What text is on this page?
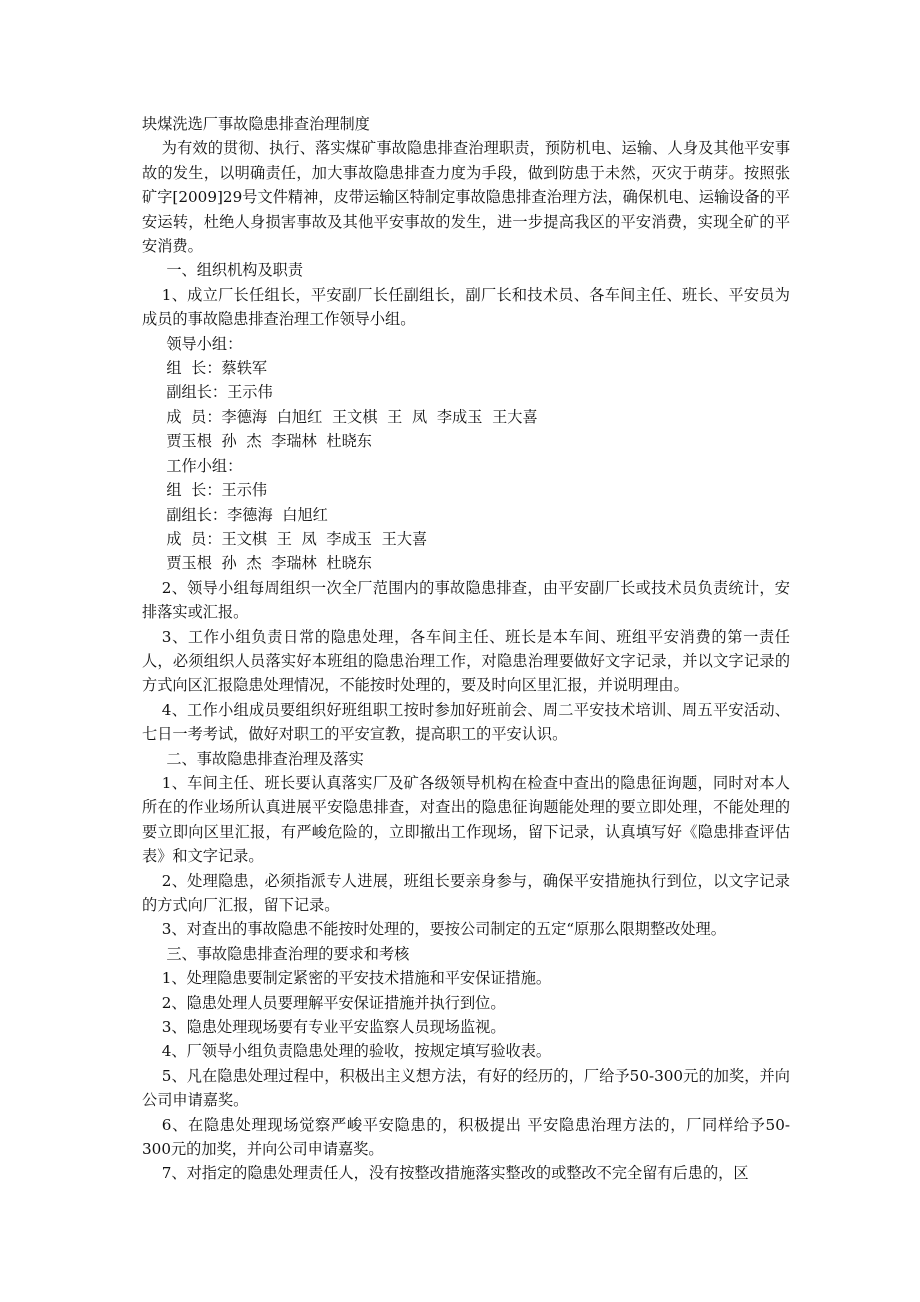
块煤洗选厂事故隐患排查治理制度

为有效的贯彻、执行、落实煤矿事故隐患排查治理职责，预防机电、运输、人身及其他平安事故的发生，以明确责任，加大事故隐患排查力度为手段，做到防患于未然，灭灾于萌芽。按照张矿字[2009]29号文件精神，皮带运输区特制定事故隐患排查治理方法，确保机电、运输设备的平安运转，杜绝人身损害事故及其他平安事故的发生，进一步提高我区的平安消费，实现全矿的平安消费。

一、组织机构及职责

1、成立厂长任组长，平安副厂长任副组长，副厂长和技术员、各车间主任、班长、平安员为成员的事故隐患排查治理工作领导小组。

领导小组：

组  长：蔡轶军

副组长：王示伟

成  员：李德海  白旭红  王文棋  王  凤  李成玉  王大喜

贾玉根  孙  杰  李瑞林  杜晓东

工作小组：

组  长：王示伟

副组长：李德海  白旭红

成  员：王文棋  王  凤  李成玉  王大喜

贾玉根  孙  杰  李瑞林  杜晓东

2、领导小组每周组织一次全厂范围内的事故隐患排查，由平安副厂长或技术员负责统计，安排落实或汇报。

3、工作小组负责日常的隐患处理，各车间主任、班长是本车间、班组平安消费的第一责任人，必须组织人员落实好本班组的隐患治理工作，对隐患治理要做好文字记录，并以文字记录的方式向区汇报隐患处理情况，不能按时处理的，要及时向区里汇报，并说明理由。

4、工作小组成员要组织好班组职工按时参加好班前会、周二平安技术培训、周五平安活动、七日一考考试，做好对职工的平安宣教，提高职工的平安认识。

二、事故隐患排查治理及落实

1、车间主任、班长要认真落实厂及矿各级领导机构在检查中查出的隐患征询题，同时对本人所在的作业场所认真进展平安隐患排查，对查出的隐患征询题能处理的要立即处理，不能处理的要立即向区里汇报，有严峻危险的，立即撤出工作现场，留下记录，认真填写好《隐患排查评估表》和文字记录。

2、处理隐患，必须指派专人进展，班组长要亲身参与，确保平安措施执行到位，以文字记录的方式向厂汇报，留下记录。

3、对查出的事故隐患不能按时处理的，要按公司制定的五定“原那么限期整改处理。

三、事故隐患排查治理的要求和考核

1、处理隐患要制定紧密的平安技术措施和平安保证措施。

2、隐患处理人员要理解平安保证措施并执行到位。

3、隐患处理现场要有专业平安监察人员现场监视。

4、厂领导小组负责隐患处理的验收，按规定填写验收表。

5、凡在隐患处理过程中，积极出主义想方法，有好的经历的，厂给予50-300元的加奖，并向公司申请嘉奖。

6、在隐患处理现场觉察严峻平安隐患的，积极提出 平安隐患治理方法的，厂同样给予50-300元的加奖，并向公司申请嘉奖。

7、对指定的隐患处理责任人，没有按整改措施落实整改的或整改不完全留有后患的，区
